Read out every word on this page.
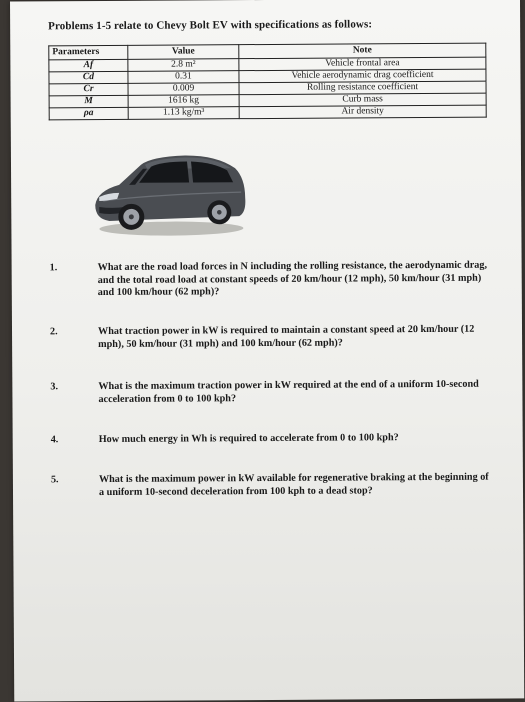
Problems 1-5 relate to Chevy Bolt EV with specifications as follows:
Parameters	Value	Note
Af	2.8 m²	Vehicle frontal area
Cd	0.31	Vehicle aerodynamic drag coefficient
Cr	0.009	Rolling resistance coefficient
M	1616 kg	Curb mass
ρa	1.13 kg/m³	Air density
1.	What are the road load forces in N including the rolling resistance, the aerodynamic drag, and the total road load at constant speeds of 20 km/hour (12 mph), 50 km/hour (31 mph) and 100 km/hour (62 mph)?
2.	What traction power in kW is required to maintain a constant speed at 20 km/hour (12 mph), 50 km/hour (31 mph) and 100 km/hour (62 mph)?
3.	What is the maximum traction power in kW required at the end of a uniform 10-second acceleration from 0 to 100 kph?
4.	How much energy in Wh is required to accelerate from 0 to 100 kph?
5.	What is the maximum power in kW available for regenerative braking at the beginning of a uniform 10-second deceleration from 100 kph to a dead stop?
